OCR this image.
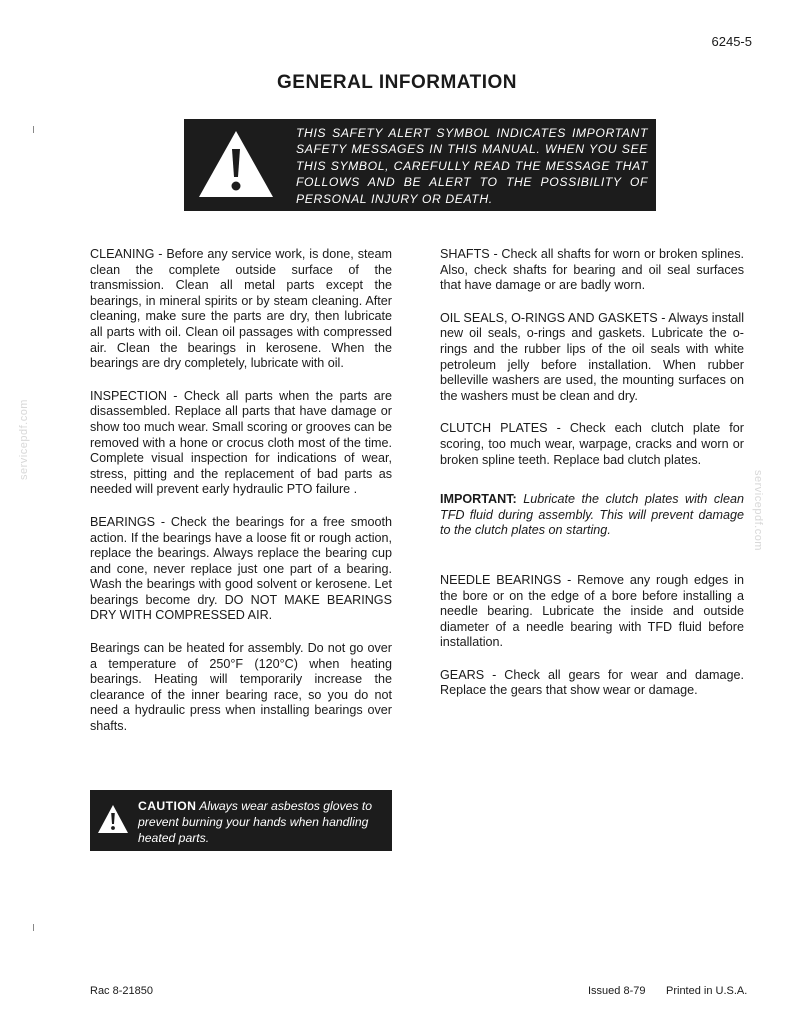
6245-5
GENERAL INFORMATION
THIS SAFETY ALERT SYMBOL INDICATES IMPORTANT SAFETY MESSAGES IN THIS MANUAL. WHEN YOU SEE THIS SYMBOL, CAREFULLY READ THE MESSAGE THAT FOLLOWS AND BE ALERT TO THE POSSIBILITY OF PERSONAL INJURY OR DEATH.

CLEANING - Before any service work, is done, steam clean the complete outside surface of the transmission. Clean all metal parts except the bearings, in mineral spirits or by steam cleaning. After cleaning, make sure the parts are dry, then lubricate all parts with oil. Clean oil passages with compressed air. Clean the bearings in kerosene. When the bearings are dry completely, lubricate with oil.

INSPECTION - Check all parts when the parts are disassembled. Replace all parts that have damage or show too much wear. Small scoring or grooves can be removed with a hone or crocus cloth most of the time. Complete visual inspection for indications of wear, stress, pitting and the replacement of bad parts as needed will prevent early hydraulic PTO failure .

BEARINGS - Check the bearings for a free smooth action. If the bearings have a loose fit or rough action, replace the bearings. Always replace the bearing cup and cone, never replace just one part of a bearing. Wash the bearings with good solvent or kerosene. Let bearings become dry. DO NOT MAKE BEARINGS DRY WITH COMPRESSED AIR.

Bearings can be heated for assembly. Do not go over a temperature of 250°F (120°C) when heating bearings. Heating will temporarily increase the clearance of the inner bearing race, so you do not need a hydraulic press when installing bearings over shafts.

CAUTION Always wear asbestos gloves to prevent burning your hands when handling heated parts.

SHAFTS - Check all shafts for worn or broken splines. Also, check shafts for bearing and oil seal surfaces that have damage or are badly worn.

OIL SEALS, O-RINGS AND GASKETS - Always install new oil seals, o-rings and gaskets. Lubricate the o-rings and the rubber lips of the oil seals with white petroleum jelly before installation. When rubber belleville washers are used, the mounting surfaces on the washers must be clean and dry.

CLUTCH PLATES - Check each clutch plate for scoring, too much wear, warpage, cracks and worn or broken spline teeth. Replace bad clutch plates.

IMPORTANT: Lubricate the clutch plates with clean TFD fluid during assembly. This will prevent damage to the clutch plates on starting.

NEEDLE BEARINGS - Remove any rough edges in the bore or on the edge of a bore before installing a needle bearing. Lubricate the inside and outside diameter of a needle bearing with TFD fluid before installation.

GEARS - Check all gears for wear and damage. Replace the gears that show wear or damage.

servicepdf.com
servicepdf.com
Rac 8-21850	Issued 8-79 Printed in U.S.A.
